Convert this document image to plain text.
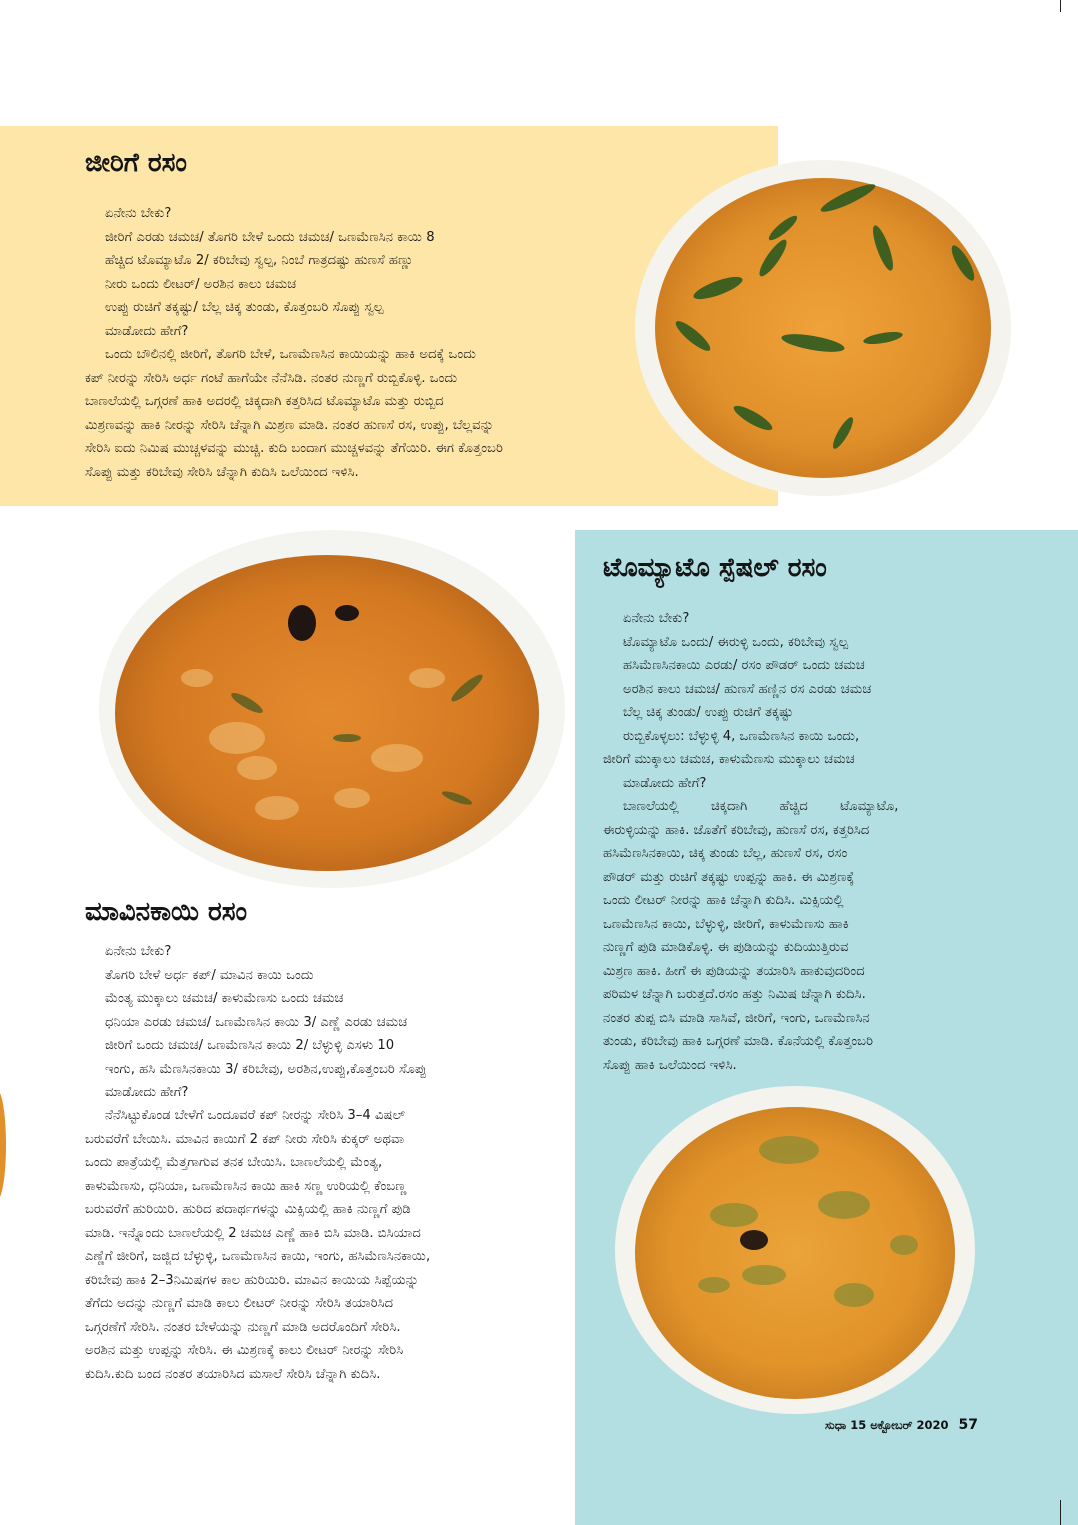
ಜೀರಿಗೆ ರಸಂ
ಏನೇನು ಬೇಕು?
ಜೀರಿಗೆ ಎರಡು ಚಮಚ/ ತೊಗರಿ ಬೇಳೆ ಒಂದು ಚಮಚ/ ಒಣಮೆಣಸಿನ ಕಾಯಿ 8
ಹೆಚ್ಚಿದ ಟೊಮ್ಯಾಟೊ 2/ ಕರಿಬೇವು ಸ್ವಲ್ಪ, ನಿಂಬೆ ಗಾತ್ರದಷ್ಟು ಹುಣಸೆ ಹಣ್ಣು
ನೀರು ಒಂದು ಲೀಟರ್/ ಅರಶಿನ ಕಾಲು ಚಮಚ
ಉಪ್ಪು ರುಚಿಗೆ ತಕ್ಕಷ್ಟು/ ಬೆಲ್ಲ ಚಿಕ್ಕ ತುಂಡು, ಕೊತ್ತಂಬರಿ ಸೊಪ್ಪು ಸ್ವಲ್ಪ
ಮಾಡೋದು ಹೇಗೆ?
ಒಂದು ಬೌಲಿನಲ್ಲಿ ಜೀರಿಗೆ, ತೊಗರಿ ಬೇಳೆ, ಒಣಮೆಣಸಿನ ಕಾಯಿಯನ್ನು ಹಾಕಿ ಅದಕ್ಕೆ ಒಂದು
ಕಪ್ ನೀರನ್ನು ಸೇರಿಸಿ ಅರ್ಧ ಗಂಟೆ ಹಾಗೆಯೇ ನೆನೆಸಿಡಿ. ನಂತರ ನುಣ್ಣಗೆ ರುಬ್ಬಿಕೊಳ್ಳಿ. ಒಂದು
ಬಾಣಲೆಯಲ್ಲಿ ಒಗ್ಗರಣೆ ಹಾಕಿ ಅದರಲ್ಲಿ ಚಿಕ್ಕದಾಗಿ ಕತ್ತರಿಸಿದ ಟೊಮ್ಯಾಟೊ ಮತ್ತು ರುಬ್ಬಿದ
ಮಿಶ್ರಣವನ್ನು ಹಾಕಿ ನೀರನ್ನು ಸೇರಿಸಿ ಚೆನ್ನಾಗಿ ಮಿಶ್ರಣ ಮಾಡಿ. ನಂತರ ಹುಣಸೆ ರಸ, ಉಪ್ಪು, ಬೆಲ್ಲವನ್ನು
ಸೇರಿಸಿ ಐದು ನಿಮಿಷ ಮುಚ್ಚಳವನ್ನು ಮುಚ್ಚಿ. ಕುದಿ ಬಂದಾಗ ಮುಚ್ಚಳವನ್ನು ತೆಗೆಯಿರಿ. ಈಗ ಕೊತ್ತಂಬರಿ
ಸೊಪ್ಪು ಮತ್ತು ಕರಿಬೇವು ಸೇರಿಸಿ ಚೆನ್ನಾಗಿ ಕುದಿಸಿ ಒಲೆಯಿಂದ ಇಳಿಸಿ.
ಟೊಮ್ಯಾಟೊ ಸ್ಪೆಷಲ್ ರಸಂ
ಏನೇನು ಬೇಕು?
ಟೊಮ್ಯಾಟೊ ಒಂದು/ ಈರುಳ್ಳಿ ಒಂದು, ಕರಿಬೇವು ಸ್ವಲ್ಪ
ಹಸಿಮೆಣಸಿನಕಾಯಿ ಎರಡು/ ರಸಂ ಪೌಡರ್ ಒಂದು ಚಮಚ
ಅರಶಿನ ಕಾಲು ಚಮಚ/ ಹುಣಸೆ ಹಣ್ಣಿನ ರಸ ಎರಡು ಚಮಚ
ಬೆಲ್ಲ ಚಿಕ್ಕ ತುಂಡು/ ಉಪ್ಪು ರುಚಿಗೆ ತಕ್ಕಷ್ಟು
ರುಬ್ಬಿಕೊಳ್ಳಲು: ಬೆಳ್ಳುಳ್ಳಿ 4, ಒಣಮೆಣಸಿನ ಕಾಯಿ ಒಂದು,
ಜೀರಿಗೆ ಮುಕ್ಕಾಲು ಚಮಚ, ಕಾಳುಮೆಣಸು ಮುಕ್ಕಾಲು ಚಮಚ
ಮಾಡೋದು ಹೇಗೆ?
ಬಾಣಲೆಯಲ್ಲಿ ಚಿಕ್ಕದಾಗಿ ಹೆಚ್ಚಿದ ಟೊಮ್ಯಾಟೊ,
ಈರುಳ್ಳಿಯನ್ನು ಹಾಕಿ. ಜೊತೆಗೆ ಕರಿಬೇವು, ಹುಣಸೆ ರಸ, ಕತ್ತರಿಸಿದ
ಹಸಿಮೆಣಸಿನಕಾಯಿ, ಚಿಕ್ಕ ತುಂಡು ಬೆಲ್ಲ, ಹುಣಸೆ ರಸ, ರಸಂ
ಪೌಡರ್ ಮತ್ತು ರುಚಿಗೆ ತಕ್ಕಷ್ಟು ಉಪ್ಪನ್ನು ಹಾಕಿ. ಈ ಮಿಶ್ರಣಕ್ಕೆ
ಒಂದು ಲೀಟರ್ ನೀರನ್ನು ಹಾಕಿ ಚೆನ್ನಾಗಿ ಕುದಿಸಿ. ಮಿಕ್ಸಿಯಲ್ಲಿ
ಒಣಮೆಣಸಿನ ಕಾಯಿ, ಬೆಳ್ಳುಳ್ಳಿ, ಜೀರಿಗೆ, ಕಾಳುಮೆಣಸು ಹಾಕಿ
ನುಣ್ಣಗೆ ಪುಡಿ ಮಾಡಿಕೊಳ್ಳಿ. ಈ ಪುಡಿಯನ್ನು ಕುದಿಯುತ್ತಿರುವ
ಮಿಶ್ರಣ ಹಾಕಿ. ಹೀಗೆ ಈ ಪುಡಿಯನ್ನು ತಯಾರಿಸಿ ಹಾಕುವುದರಿಂದ
ಪರಿಮಳ ಚೆನ್ನಾಗಿ ಬರುತ್ತದೆ.ರಸಂ ಹತ್ತು ನಿಮಿಷ ಚೆನ್ನಾಗಿ ಕುದಿಸಿ.
ನಂತರ ತುಪ್ಪ ಬಿಸಿ ಮಾಡಿ ಸಾಸಿವೆ, ಜೀರಿಗೆ, ಇಂಗು, ಒಣಮೆಣಸಿನ
ತುಂಡು, ಕರಿಬೇವು ಹಾಕಿ ಒಗ್ಗರಣೆ ಮಾಡಿ. ಕೊನೆಯಲ್ಲಿ ಕೊತ್ತಂಬರಿ
ಸೊಪ್ಪು ಹಾಕಿ ಒಲೆಯಿಂದ ಇಳಿಸಿ.
ಮಾವಿನಕಾಯಿ ರಸಂ
ಏನೇನು ಬೇಕು?
ತೊಗರಿ ಬೇಳೆ ಅರ್ಧ ಕಪ್/ ಮಾವಿನ ಕಾಯಿ ಒಂದು
ಮೆಂತ್ಯ ಮುಕ್ಕಾಲು ಚಮಚ/ ಕಾಳುಮೆಣಸು ಒಂದು ಚಮಚ
ಧನಿಯಾ ಎರಡು ಚಮಚ/ ಒಣಮೆಣಸಿನ ಕಾಯಿ 3/ ಎಣ್ಣೆ ಎರಡು ಚಮಚ
ಜೀರಿಗೆ ಒಂದು ಚಮಚ/ ಒಣಮೆಣಸಿನ ಕಾಯಿ 2/ ಬೆಳ್ಳುಳ್ಳಿ ಎಸಳು 10
ಇಂಗು, ಹಸಿ ಮೆಣಸಿನಕಾಯಿ 3/ ಕರಿಬೇವು, ಅರಶಿನ,ಉಪ್ಪು,ಕೊತ್ತಂಬರಿ ಸೊಪ್ಪು
ಮಾಡೋದು ಹೇಗೆ?
ನೆನೆಸಿಟ್ಟುಕೊಂಡ ಬೇಳೆಗೆ ಒಂದೂವರೆ ಕಪ್ ನೀರನ್ನು ಸೇರಿಸಿ 3–4 ವಿಷಲ್
ಬರುವರೆಗೆ ಬೇಯಿಸಿ. ಮಾವಿನ ಕಾಯಿಗೆ 2 ಕಪ್ ನೀರು ಸೇರಿಸಿ ಕುಕ್ಕರ್ ಅಥವಾ
ಒಂದು ಪಾತ್ರೆಯಲ್ಲಿ ಮೆತ್ತಗಾಗುವ ತನಕ ಬೇಯಿಸಿ. ಬಾಣಲೆಯಲ್ಲಿ ಮೆಂತ್ಯ,
ಕಾಳುಮೆಣಸು, ಧನಿಯಾ, ಒಣಮೆಣಸಿನ ಕಾಯಿ ಹಾಕಿ ಸಣ್ಣ ಉರಿಯಲ್ಲಿ ಕೆಂಬಣ್ಣ
ಬರುವರೆಗೆ ಹುರಿಯಿರಿ. ಹುರಿದ ಪದಾರ್ಥಗಳನ್ನು ಮಿಕ್ಸಿಯಲ್ಲಿ ಹಾಕಿ ನುಣ್ಣಗೆ ಪುಡಿ
ಮಾಡಿ. ಇನ್ನೊಂದು ಬಾಣಲೆಯಲ್ಲಿ 2 ಚಮಚ ಎಣ್ಣೆ ಹಾಕಿ ಬಿಸಿ ಮಾಡಿ. ಬಿಸಿಯಾದ
ಎಣ್ಣೆಗೆ ಜೀರಿಗೆ, ಜಜ್ಜಿದ ಬೆಳ್ಳುಳ್ಳಿ, ಒಣಮೆಣಸಿನ ಕಾಯಿ, ಇಂಗು, ಹಸಿಮೆಣಸಿನಕಾಯಿ,
ಕರಿಬೇವು ಹಾಕಿ 2–3ನಿಮಿಷಗಳ ಕಾಲ ಹುರಿಯಿರಿ. ಮಾವಿನ ಕಾಯಿಯ ಸಿಪ್ಪೆಯನ್ನು
ತೆಗೆದು ಅದನ್ನು ನುಣ್ಣಗೆ ಮಾಡಿ ಕಾಲು ಲೀಟರ್ ನೀರನ್ನು ಸೇರಿಸಿ ತಯಾರಿಸಿದ
ಒಗ್ಗರಣೆಗೆ ಸೇರಿಸಿ. ನಂತರ ಬೇಳೆಯನ್ನು ನುಣ್ಣಗೆ ಮಾಡಿ ಅದರೊಂದಿಗೆ ಸೇರಿಸಿ.
ಅರಶಿನ ಮತ್ತು ಉಪ್ಪನ್ನು ಸೇರಿಸಿ. ಈ ಮಿಶ್ರಣಕ್ಕೆ ಕಾಲು ಲೀಟರ್ ನೀರನ್ನು ಸೇರಿಸಿ
ಕುದಿಸಿ.ಕುದಿ ಬಂದ ನಂತರ ತಯಾರಿಸಿದ ಮಸಾಲೆ ಸೇರಿಸಿ ಚೆನ್ನಾಗಿ ಕುದಿಸಿ.
ಸುಧಾ 15 ಅಕ್ಟೋಬರ್ 2020 57
